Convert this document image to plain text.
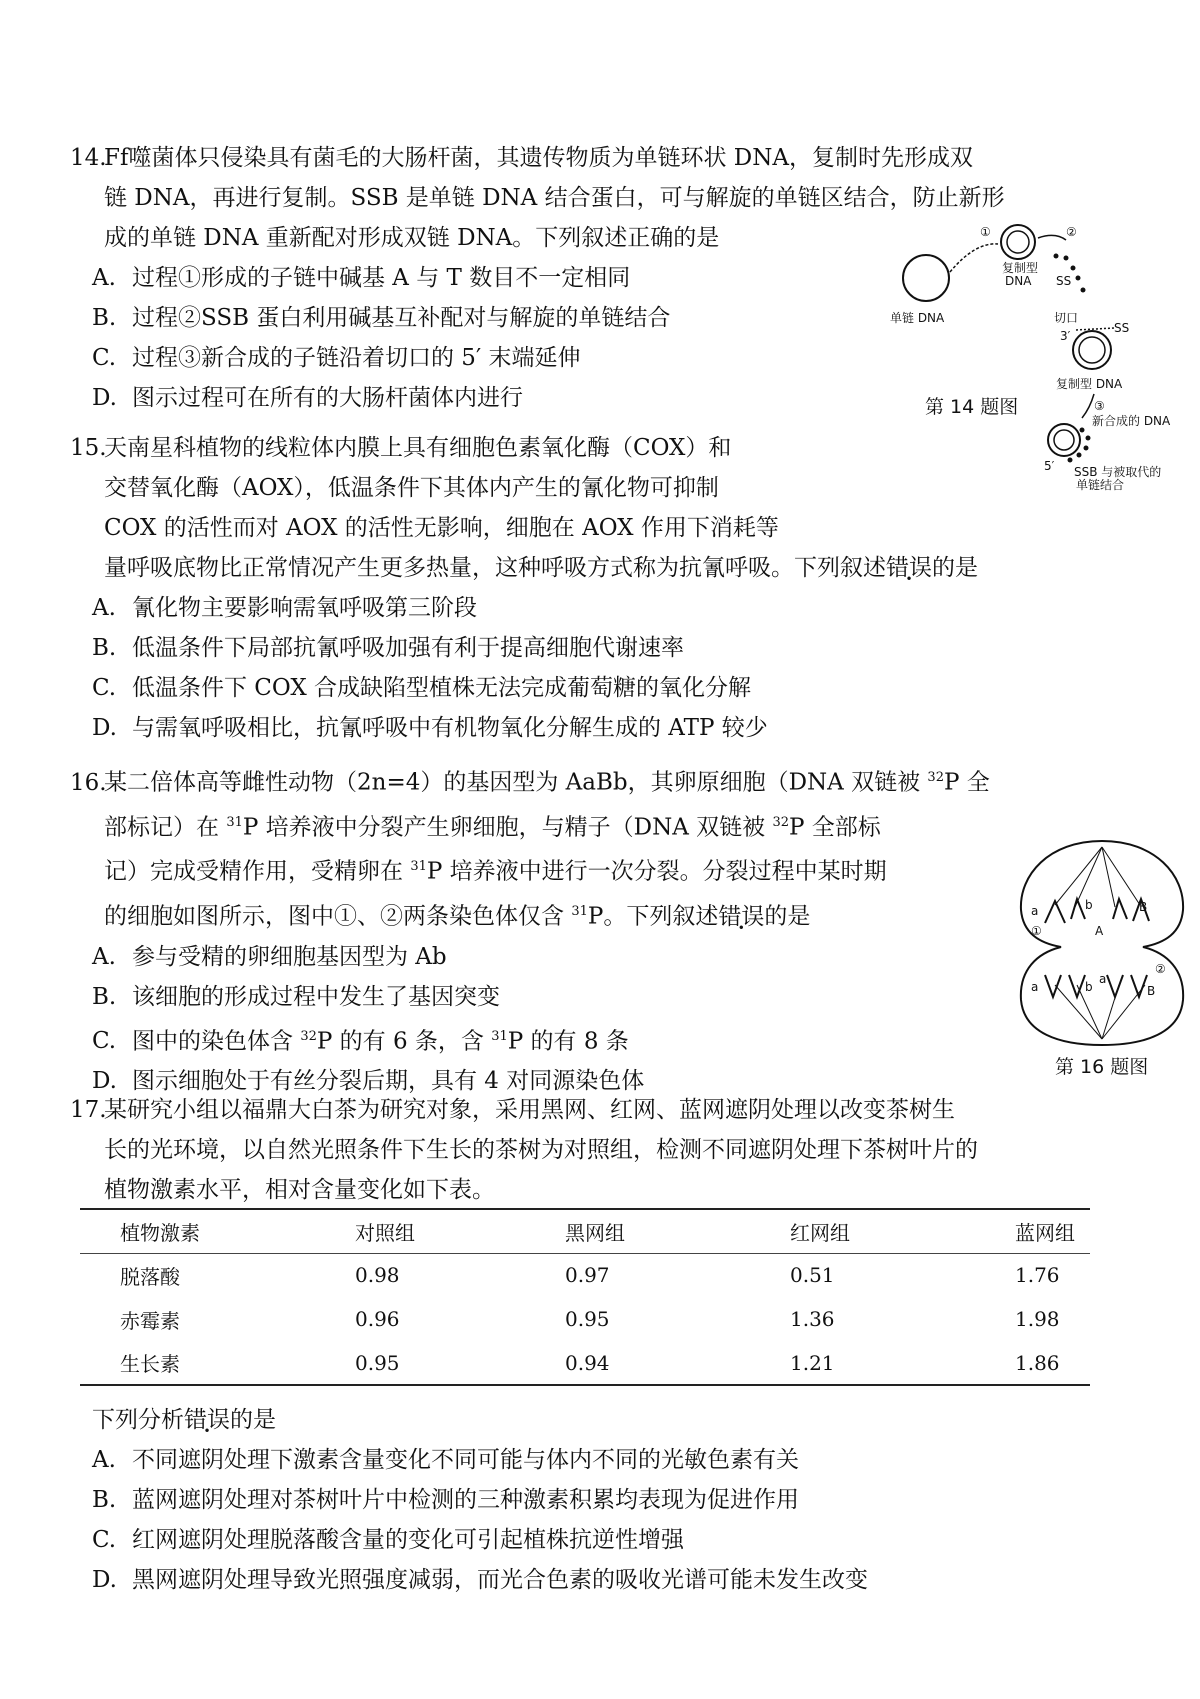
14.Ff噬菌体只侵染具有菌毛的大肠杆菌，其遗传物质为单链环状 DNA，复制时先形成双

链 DNA，再进行复制。SSB 是单链 DNA 结合蛋白，可与解旋的单链区结合，防止新形

成的单链 DNA 重新配对形成双链 DNA。下列叙述正确的是

A. 过程①形成的子链中碱基 A 与 T 数目不一定相同

B. 过程②SSB 蛋白利用碱基互补配对与解旋的单链结合

C. 过程③新合成的子链沿着切口的 5′ 末端延伸

D. 图示过程可在所有的大肠杆菌体内进行

单链 DNA
①
复制型
DNA
②
SS
切口
3′
SS
复制型 DNA
③
新合成的 DNA
5′ SSB 与被取代的
单链结合
第 14 题图

15.天南星科植物的线粒体内膜上具有细胞色素氧化酶（COX）和

交替氧化酶（AOX），低温条件下其体内产生的氰化物可抑制

COX 的活性而对 AOX 的活性无影响，细胞在 AOX 作用下消耗等

量呼吸底物比正常情况产生更多热量，这种呼吸方式称为抗氰呼吸。下列叙述错误的是

A. 氰化物主要影响需氧呼吸第三阶段

B. 低温条件下局部抗氰呼吸加强有利于提高细胞代谢速率

C. 低温条件下 COX 合成缺陷型植株无法完成葡萄糖的氧化分解

D. 与需氧呼吸相比，抗氰呼吸中有机物氧化分解生成的 ATP 较少

16.某二倍体高等雌性动物（2n=4）的基因型为 AaBb，其卵原细胞（DNA 双链被 $^{32}$P 全

部标记）在 $^{31}$P 培养液中分裂产生卵细胞，与精子（DNA 双链被 $^{32}$P 全部标

记）完成受精作用，受精卵在 $^{31}$P 培养液中进行一次分裂。分裂过程中某时期

的细胞如图所示，图中①、②两条染色体仅含 $^{31}$P。下列叙述错误的是

A. 参与受精的卵细胞基因型为 Ab

B. 该细胞的形成过程中发生了基因突变

C. 图中的染色体含 $^{32}$P 的有 6 条，含 $^{31}$P 的有 8 条

D. 图示细胞处于有丝分裂后期，具有 4 对同源染色体

a	b	B
A
①
a	b
a
B
②
第 16 题图

17.某研究小组以福鼎大白茶为研究对象，采用黑网、红网、蓝网遮阴处理以改变茶树生

长的光环境，以自然光照条件下生长的茶树为对照组，检测不同遮阴处理下茶树叶片的

植物激素水平，相对含量变化如下表。

植物激素	对照组	黑网组	红网组	蓝网组
脱落酸	0.98	0.97	0.51	1.76
赤霉素	0.96	0.95	1.36	1.98
生长素	0.95	0.94	1.21	1.86

下列分析错误的是

A. 不同遮阴处理下激素含量变化不同可能与体内不同的光敏色素有关

B. 蓝网遮阴处理对茶树叶片中检测的三种激素积累均表现为促进作用

C. 红网遮阴处理脱落酸含量的变化可引起植株抗逆性增强

D. 黑网遮阴处理导致光照强度减弱，而光合色素的吸收光谱可能未发生改变
